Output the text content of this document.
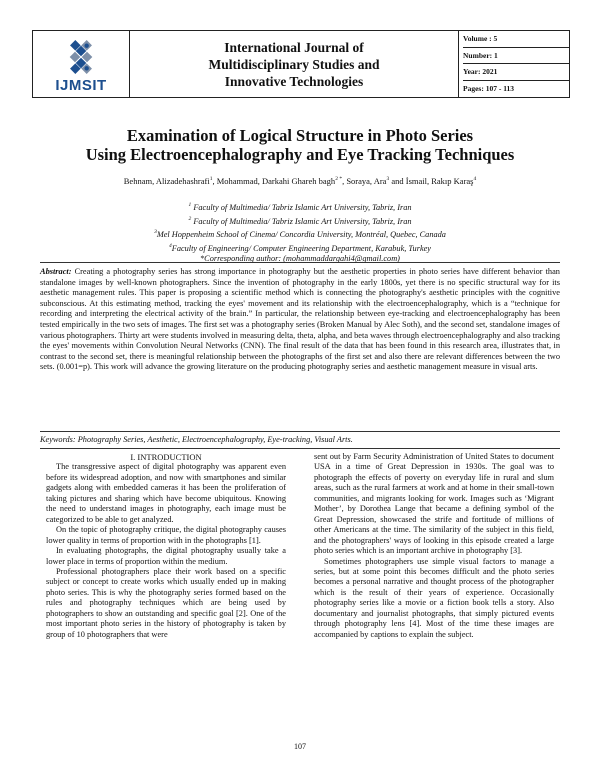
IJMSIT
International Journal of
Multidisciplinary Studies and
Innovative Technologies
Volume : 5
Number: 1
Year: 2021
Pages: 107 - 113
Examination of Logical Structure in Photo Series
Using Electroencephalography and Eye Tracking Techniques
Behnam, Alizadehashrafi$^1$, Mohammad, Darkahi Ghareh bagh$^{2 *}$, Soraya, Ara$^3$ and İsmail, Rakıp Karaş$^4$
$^1$ Faculty of Multimedia/ Tabriz Islamic Art University, Tabriz, Iran
$^2$ Faculty of Multimedia/ Tabriz Islamic Art University, Tabriz, Iran
$^3$Mel Hoppenheim School of Cinema/ Concordia University, Montréal, Quebec, Canada
$^4$Faculty of Engineering/ Computer Engineering Department, Karabuk, Turkey
*Corresponding author: (mohammaddargahi4@gmail.com)
Abstract: Creating a photography series has strong importance in photography but the aesthetic properties in photo series have different behavior than standalone images by well-known photographers. Since the invention of photography in the early 1800s, yet there is no specific structural way for its aesthetic management rules. This paper is proposing a scientific method which is connecting the photography's aesthetic principles with the cognitive subconscious. At this estimating method, tracking the eyes' movement and its relationship with the electroencephalography, which is a “technique for recording and interpreting the electrical activity of the brain.” In particular, the relationship between eye-tracking and electroencephalography has been tested empirically in the two sets of images. The first set was a photography series (Broken Manual by Alec Soth), and the second set, standalone images of various photographers. Thirty art were students involved in measuring delta, theta, alpha, and beta waves through electroencephalography and also tracking the eyes' movements within Convolution Neural Networks (CNN). The final result of the data that has been found in this research area, illustrates that, in contrast to the second set, there is meaningful relationship between the photographs of the first set and also there are relevant differences between the two sets. (0.001=p). This work will advance the growing literature on the producing photography series and aesthetic management measure in visual arts.
Keywords: Photography Series, Aesthetic, Electroencephalography, Eye-tracking, Visual Arts.

I. INTRODUCTION

The transgressive aspect of digital photography was apparent even before its widespread adoption, and now with smartphones and similar gadgets along with embedded cameras it has been the proliferation of taking pictures and sharing which have become ubiquitous. Knowing the need to understand images in photography, each image must be categorized to be able to get analyzed.

On the topic of photography critique, the digital photography causes lower quality in terms of proportion with in the photographs [1].

In evaluating photographs, the digital photography usually take a lower place in terms of proportion within the medium.

Professional photographers place their work based on a specific subject or concept to create works which usually ended up in making photo series. This is why the photography series formed based on the rules and photography techniques which are being used by photographers to show an outstanding and specific goal [2]. One of the most important photo series in the history of photography is taken by group of 10 photographers that were

sent out by Farm Security Administration of United States to document USA in a time of Great Depression in 1930s. The goal was to photograph the effects of poverty on everyday life in rural and slum areas, such as the rural farmers at work and at home in their small-town communities, and migrants looking for work. Images such as ‘Migrant Mother’, by Dorothea Lange that became a defining symbol of the Great Depression, showcased the strife and fortitude of millions of other Americans at the time. The similarity of the subject in this field, and the photographers' ways of looking in this episode created a large photo series which is an important archive in photography [3].

Sometimes photographers use simple visual factors to manage a series, but at some point this becomes difficult and the photo series becomes a personal narrative and thought process of the photographer which is the result of their years of experience. Occasionally photography series like a movie or a fiction book tells a story. Also documentary and journalist photographs, that simply pictured events through photography lens [4]. Most of the time these images are accompanied by captions to explain the subject.

107
